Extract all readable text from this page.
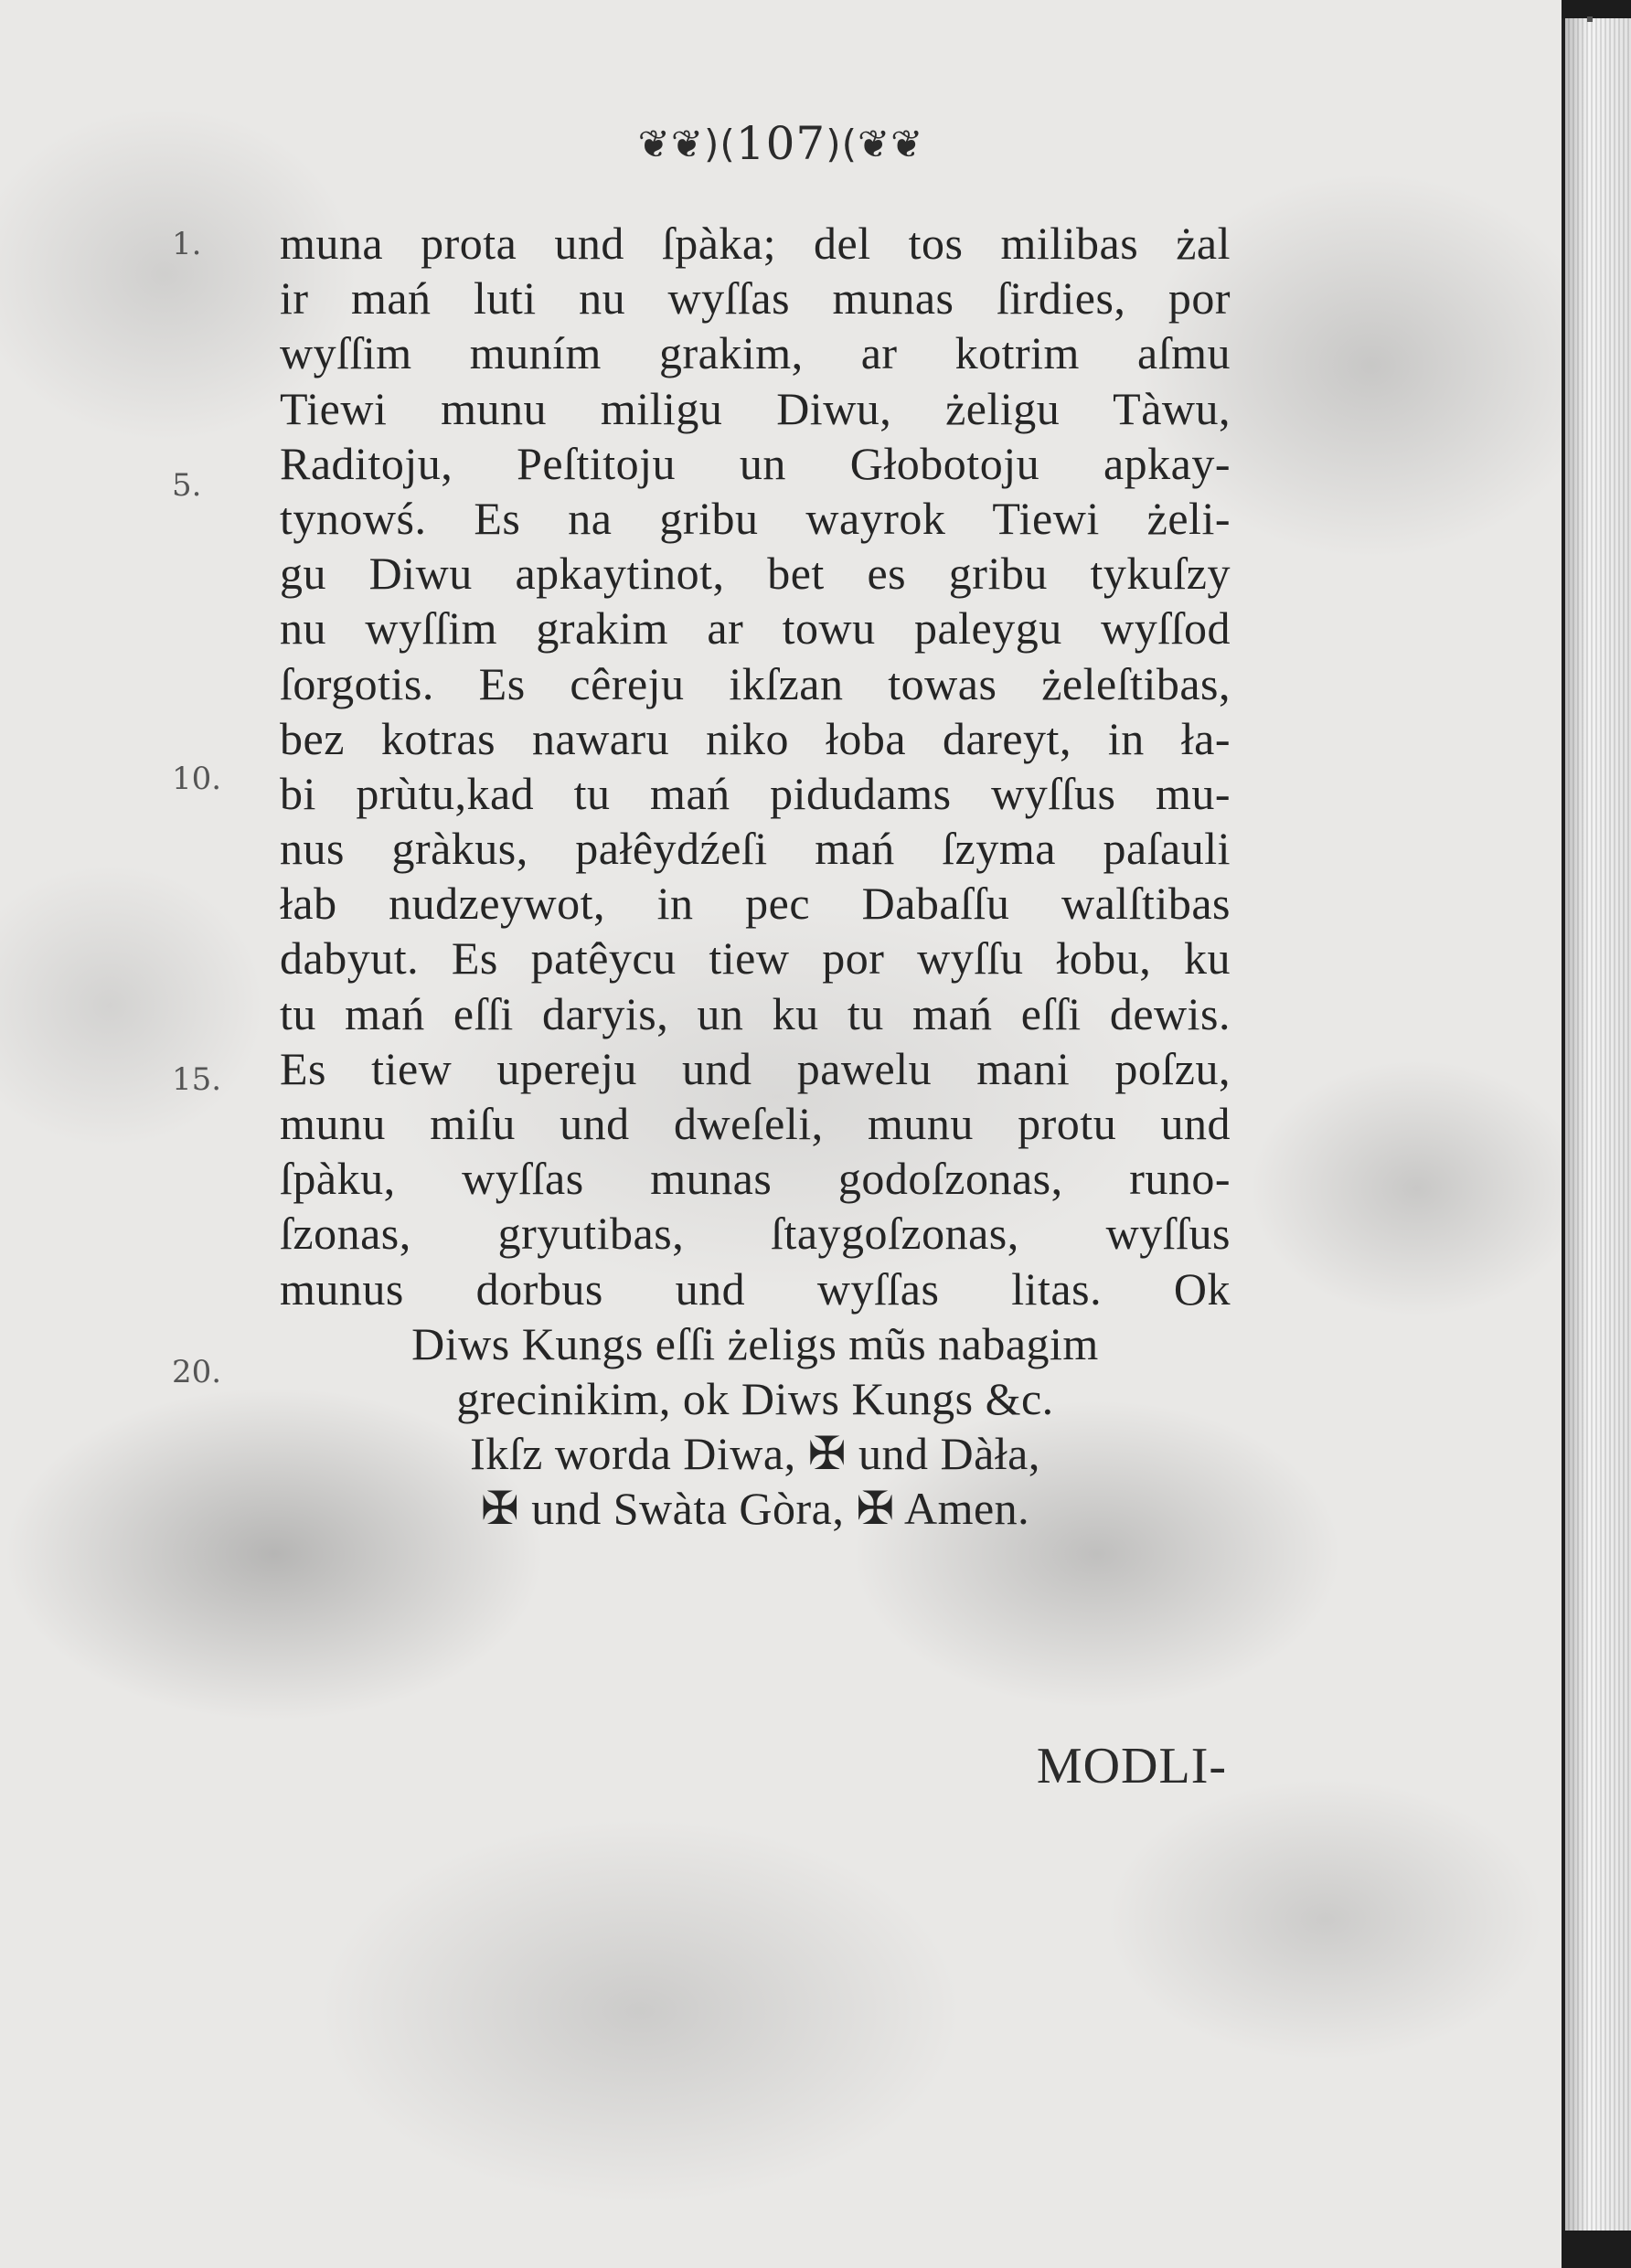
❦❦)(107)(❦❦
1.
5.
10.
15.
20.
muna prota und ſpàka; del tos milibas żal
ir mań luti nu wyſſas munas ſirdies, por
wyſſim muním grakim, ar kotrim aſmu
Tiewi munu miligu Diwu, żeligu Tàwu,
Raditoju, Peſtitoju un Głobotoju apkay-
tynowś. Es na gribu wayrok Tiewi żeli-
gu Diwu apkaytinot, bet es gribu tykuſzy
nu wyſſim grakim ar towu paleygu wyſſod
ſorgotis. Es cêreju ikſzan towas żeleſtibas,
bez kotras nawaru niko łoba dareyt, in ła-
bi prùtu,kad tu mań pidudams wyſſus mu-
nus gràkus, pałêydźeſi mań ſzyma paſauli
łab nudzeywot, in pec Dabaſſu walſtibas
dabyut. Es patêycu tiew por wyſſu łobu, ku
tu mań eſſi daryis, un ku tu mań eſſi dewis.
Es tiew upereju und pawelu mani poſzu,
munu miſu und dweſeli, munu protu und
ſpàku, wyſſas munas godoſzonas, runo-
ſzonas, gryutibas, ſtaygoſzonas, wyſſus
munus dorbus und wyſſas litas. Ok
Diws Kungs eſſi żeligs mũs nabagim
grecinikim, ok Diws Kungs &c.
Ikſz worda Diwa, ✠ und Dàła,
✠ und Swàta Gòra, ✠ Amen.
MODLI-
